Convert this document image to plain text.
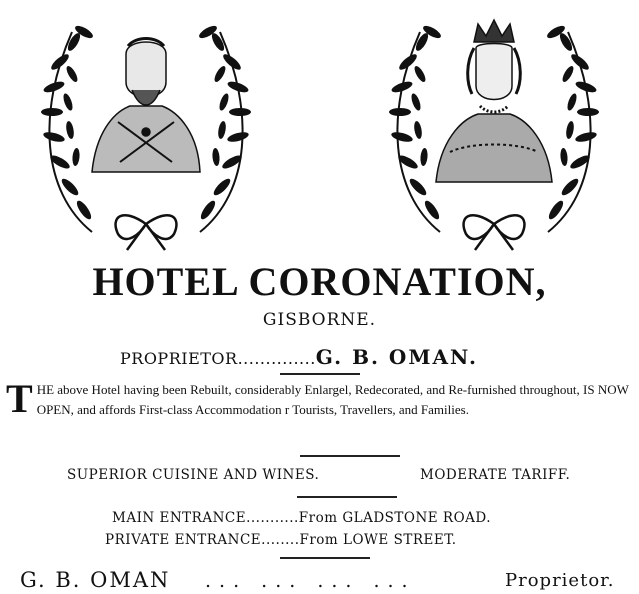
HOTEL CORONATION,
GISBORNE.
PROPRIETOR..............G. B. OMAN.
THE above Hotel having been Rebuilt, considerably Enlargel, Redecorated, and Re-furnished throughout, IS NOW OPEN, and affords First-class Accommodation r Tourists, Travellers, and Families.
SUPERIOR CUISINE AND WINES.	MODERATE TARIFF.
MAIN ENTRANCE...........From GLADSTONE ROAD.
PRIVATE ENTRANCE........From LOWE STREET.
G. B. OMAN ... ... ... ...	Proprietor.
